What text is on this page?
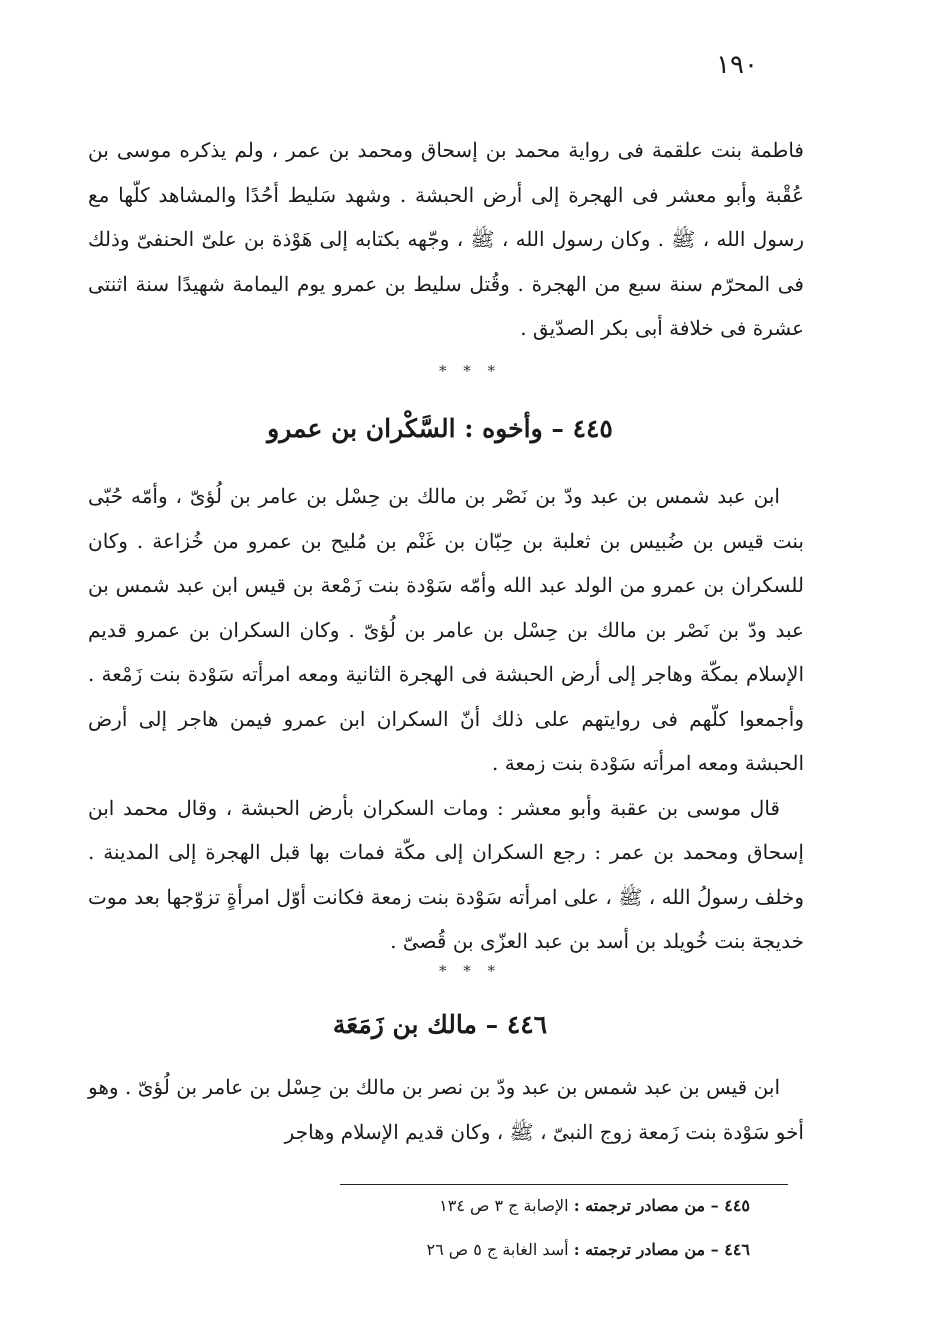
١٩٠

فاطمة بنت علقمة فى رواية محمد بن إسحاق ومحمد بن عمر ، ولم يذكره موسى بن عُقْبة وأبو معشر فى الهجرة إلى أرض الحبشة . وشهد سَليط أحُدًا والمشاهد كلّها مع رسول الله ، ﷺ . وكان رسول الله ، ﷺ ، وجّهه بكتابه إلى هَوْذة بن علىّ الحنفىّ وذلك فى المحرّم سنة سبع من الهجرة . وقُتل سليط بن عمرو يوم اليمامة شهيدًا سنة اثنتى عشرة فى خلافة أبى بكر الصدّيق .

* * *
٤٤٥ – وأخوه : السَّكْران بن عمرو

ابن عبد شمس بن عبد ودّ بن نَصْر بن مالك بن حِسْل بن عامر بن لُؤىّ ، وأمّه حُبّى بنت قيس بن ضُبيس بن ثعلبة بن حِبّان بن غَنْم بن مُليح بن عمرو من خُزاعة . وكان للسكران بن عمرو من الولد عبد الله وأمّه سَوْدة بنت زَمْعة بن قيس ابن عبد شمس بن عبد ودّ بن نَصْر بن مالك بن حِسْل بن عامر بن لُؤىّ . وكان السكران بن عمرو قديم الإسلام بمكّة وهاجر إلى أرض الحبشة فى الهجرة الثانية ومعه امرأته سَوْدة بنت زَمْعة . وأجمعوا كلّهم فى روايتهم على ذلك أنّ السكران ابن عمرو فيمن هاجر إلى أرض الحبشة ومعه امرأته سَوْدة بنت زمعة .

قال موسى بن عقبة وأبو معشر : ومات السكران بأرض الحبشة ، وقال محمد ابن إسحاق ومحمد بن عمر : رجع السكران إلى مكّة فمات بها قبل الهجرة إلى المدينة . وخلف رسولُ الله ، ﷺ ، على امرأته سَوْدة بنت زمعة فكانت أوّل امرأةٍ تزوّجها بعد موت خديجة بنت خُويلد بن أسد بن عبد العزّى بن قُصىّ .

* * *
٤٤٦ – مالك بن زَمَعَة

ابن قيس بن عبد شمس بن عبد ودّ بن نصر بن مالك بن حِسْل بن عامر بن لُؤىّ . وهو أخو سَوْدة بنت زَمعة زوج النبىّ ، ﷺ ، وكان قديم الإسلام وهاجر

٤٤٥ – من مصادر ترجمته : الإصابة ج ٣ ص ١٣٤
٤٤٦ – من مصادر ترجمته : أسد الغابة ج ٥ ص ٢٦
